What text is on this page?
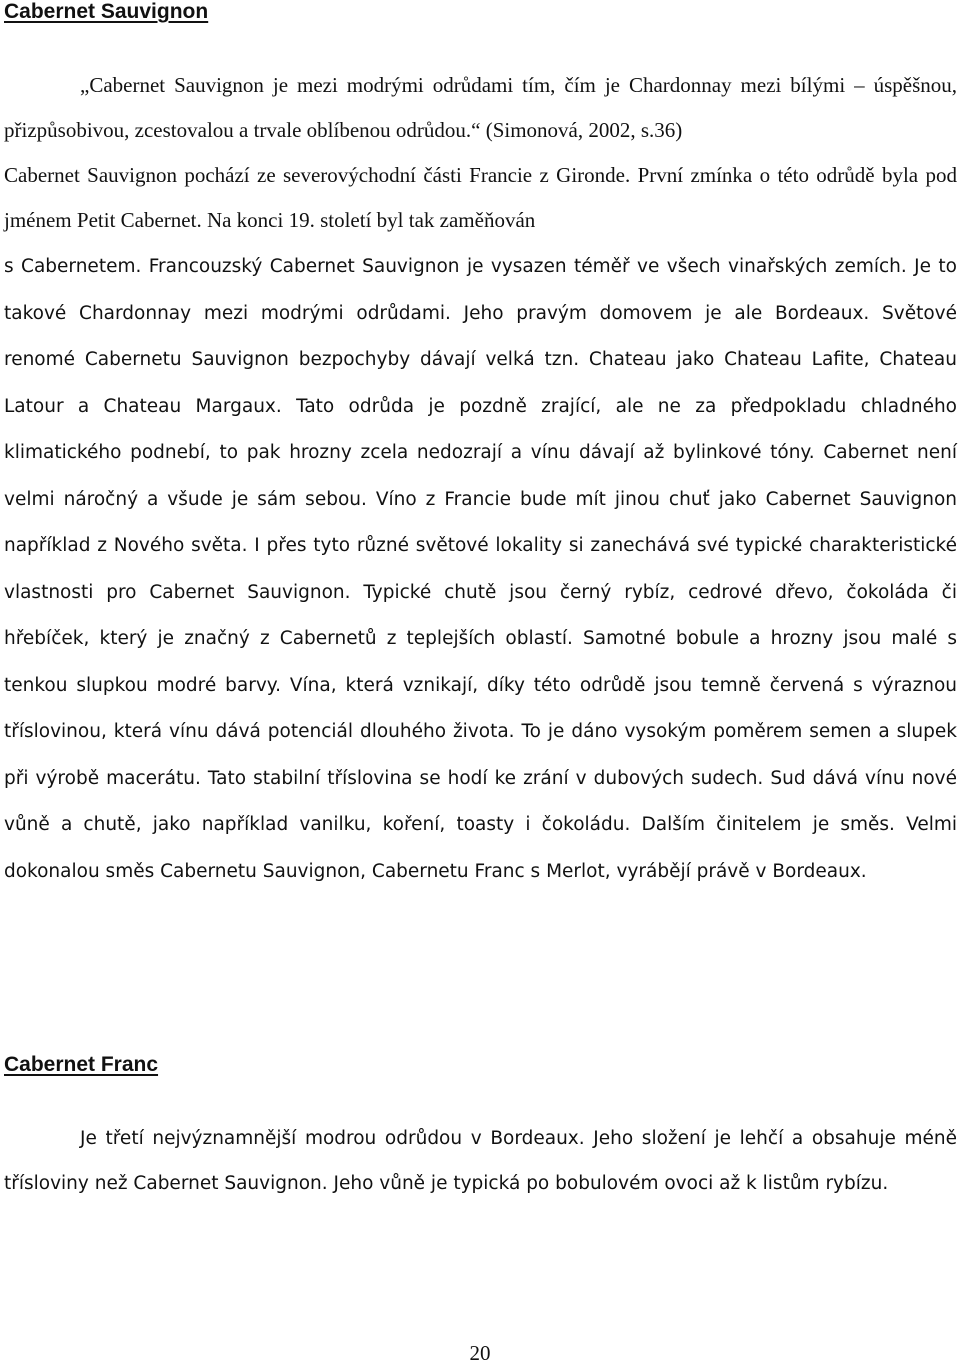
Cabernet Sauvignon

„Cabernet Sauvignon je mezi modrými odrůdami tím, čím je Chardonnay mezi bílými – úspěšnou, přizpůsobivou, zcestovalou a trvale oblíbenou odrůdou.“ (Simonová, 2002, s.36)
Cabernet Sauvignon pochází ze severovýchodní části Francie z Gironde. První zmínka o této odrůdě byla pod jménem Petit Cabernet. Na konci 19. století byl tak zaměňován
s Cabernetem. Francouzský Cabernet Sauvignon je vysazen téměř ve všech vinařských zemích. Je to takové Chardonnay mezi modrými odrůdami. Jeho pravým domovem je ale Bordeaux. Světové renomé Cabernetu Sauvignon bezpochyby dávají velká tzn. Chateau jako Chateau Lafite, Chateau Latour a Chateau Margaux. Tato odrůda je pozdně zrající, ale ne za předpokladu chladného klimatického podnebí, to pak hrozny zcela nedozrají a vínu dávají až bylinkové tóny. Cabernet není velmi náročný a všude je sám sebou. Víno z Francie bude mít jinou chuť jako Cabernet Sauvignon například z Nového světa. I přes tyto různé světové lokality si zanechává své typické charakteristické vlastnosti pro Cabernet Sauvignon. Typické chutě jsou černý rybíz, cedrové dřevo, čokoláda či hřebíček, který je značný z Cabernetů z teplejších oblastí. Samotné bobule a hrozny jsou malé s tenkou slupkou modré barvy. Vína, která vznikají, díky této odrůdě jsou temně červená s výraznou tříslovinou, která vínu dává potenciál dlouhého života. To je dáno vysokým poměrem semen a slupek při výrobě macerátu. Tato stabilní tříslovina se hodí ke zrání v dubových sudech. Sud dává vínu nové vůně a chutě, jako například vanilku, koření, toasty i čokoládu. Dalším činitelem je směs. Velmi dokonalou směs Cabernetu Sauvignon, Cabernetu Franc s Merlot, vyrábějí právě v Bordeaux.

Cabernet Franc

Je třetí nejvýznamnější modrou odrůdou v Bordeaux. Jeho složení je lehčí a obsahuje méně třísloviny než Cabernet Sauvignon. Jeho vůně je typická po bobulovém ovoci až k listům rybízu.

20
